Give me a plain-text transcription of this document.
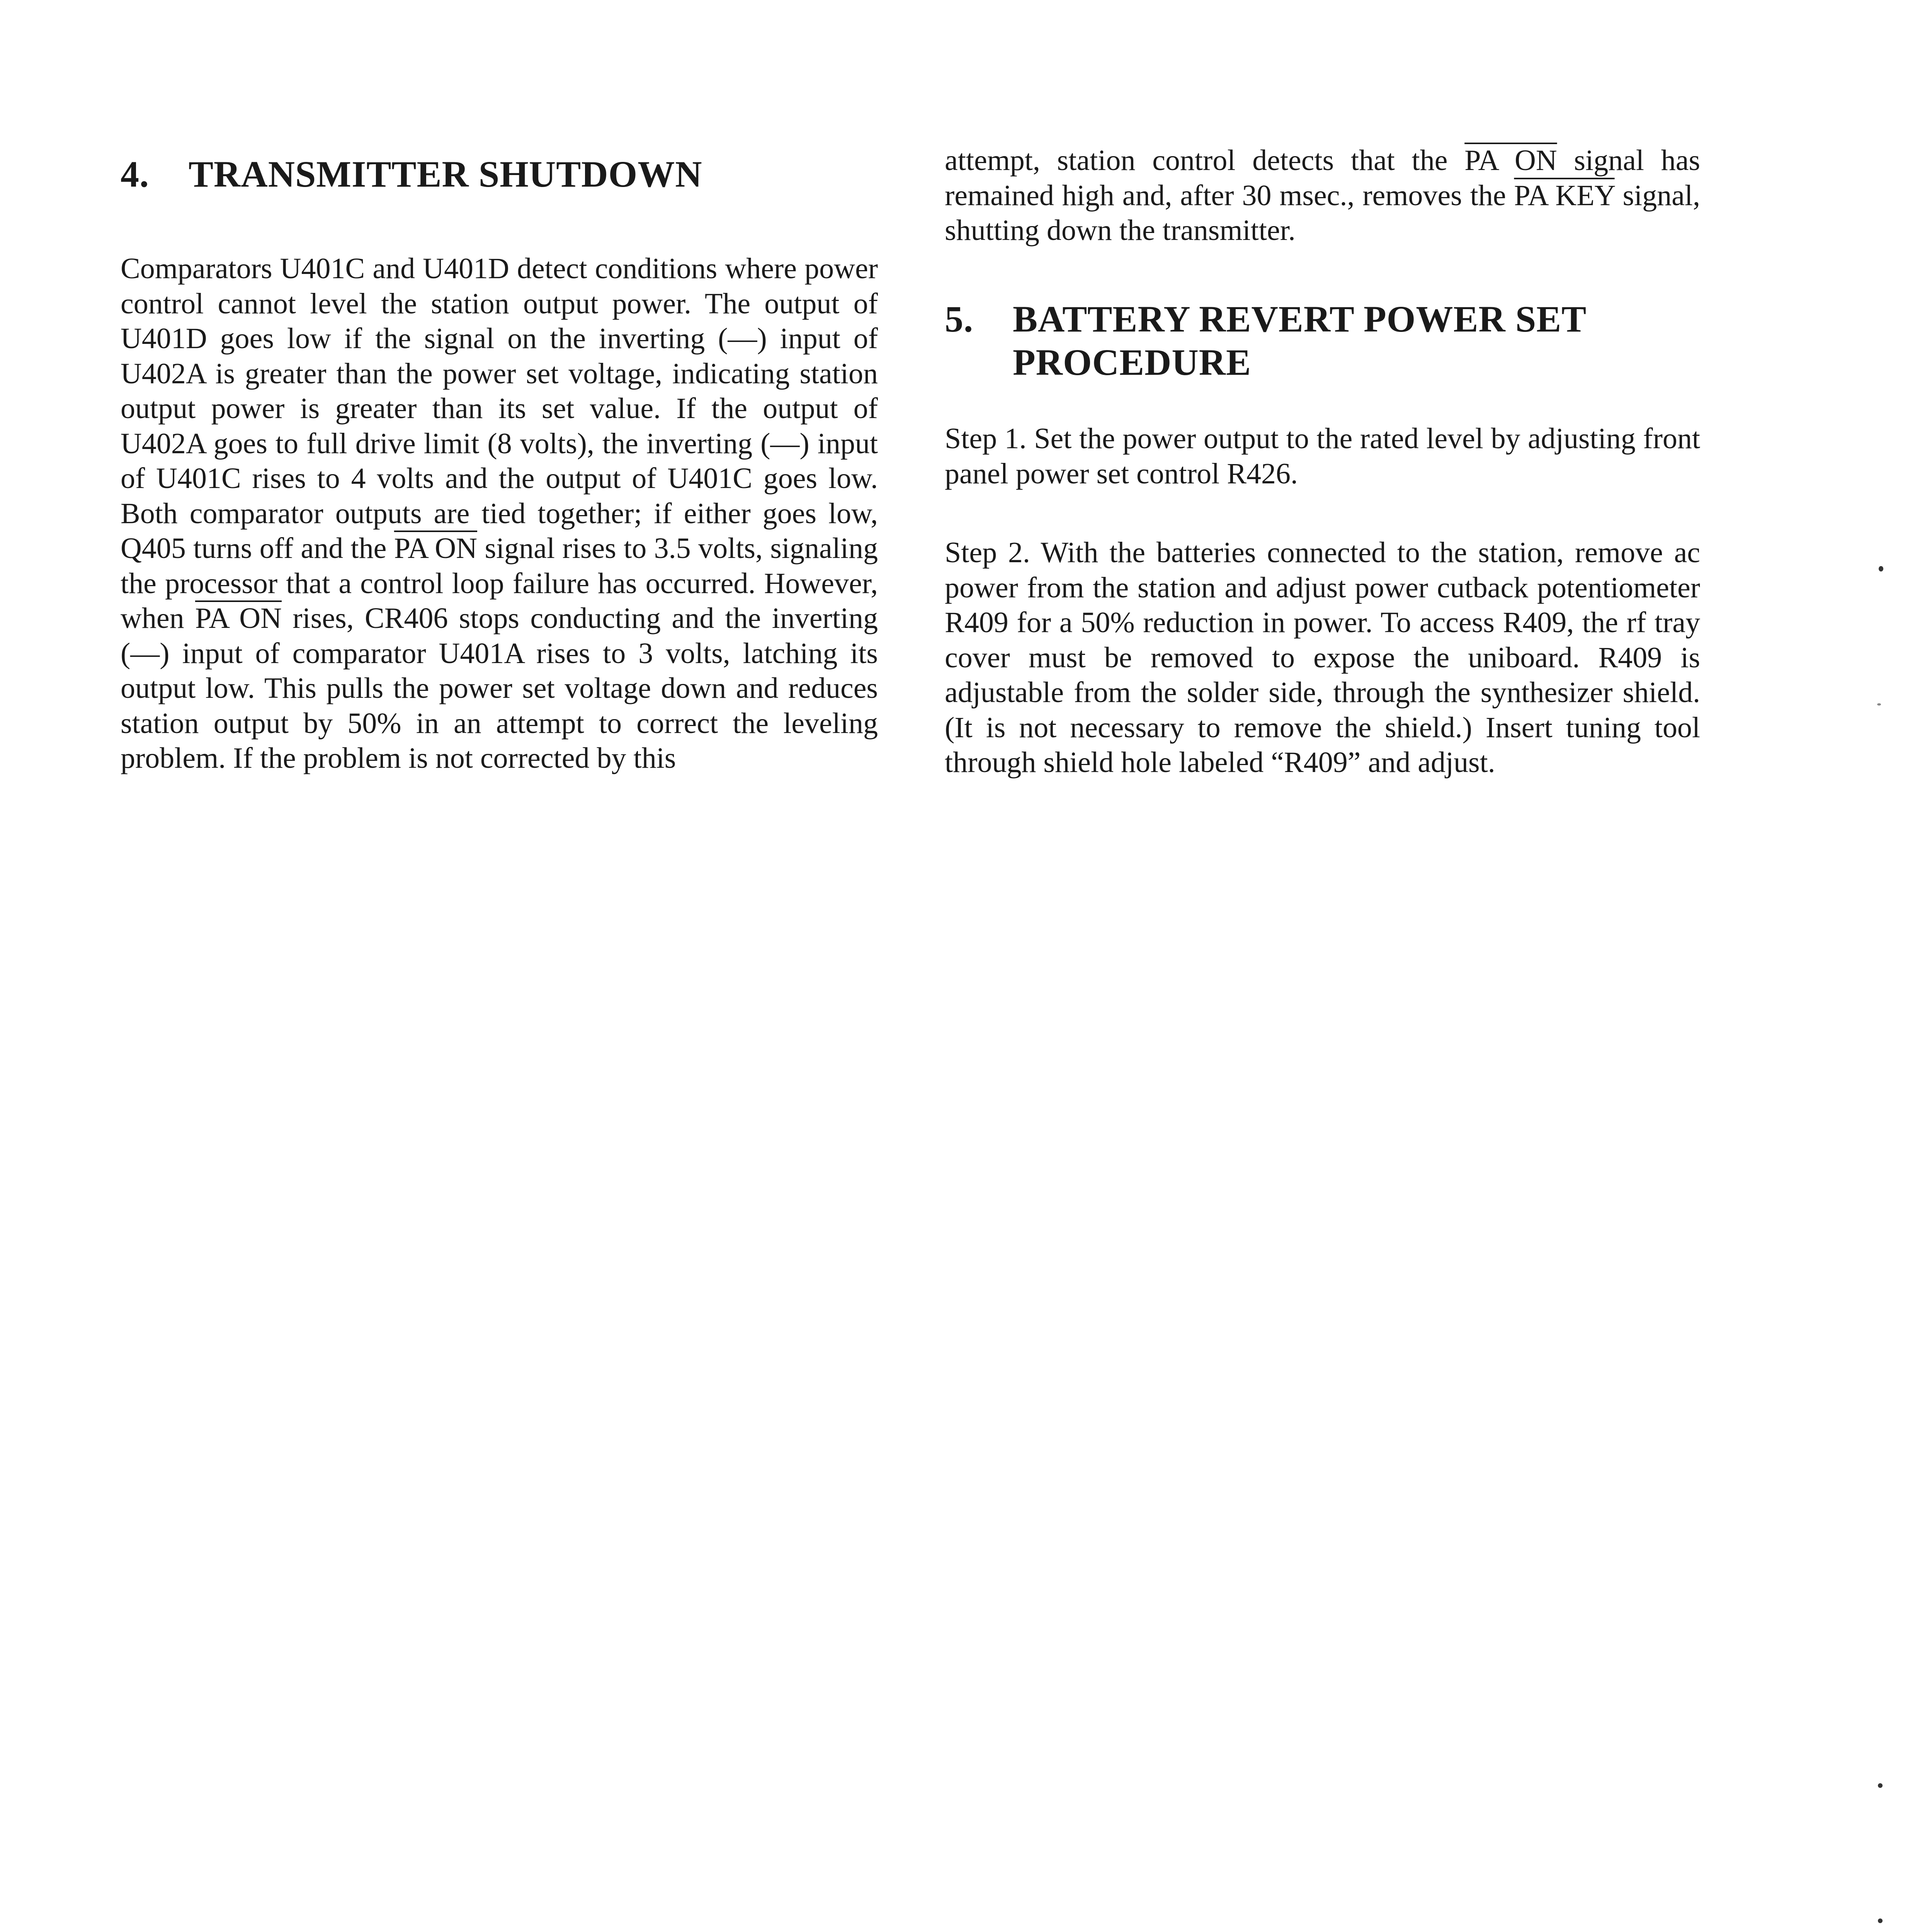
4. TRANSMITTER SHUTDOWN

Comparators U401C and U401D detect conditions where power control cannot level the station output power. The output of U401D goes low if the signal on the inverting (—) input of U402A is greater than the power set voltage, indicating station output power is greater than its set value. If the output of U402A goes to full drive limit (8 volts), the inverting (—) input of U401C rises to 4 volts and the output of U401C goes low. Both comparator outputs are tied together; if either goes low, Q405 turns off and the PA ON signal rises to 3.5 volts, signaling the processor that a control loop failure has occurred. However, when PA ON rises, CR406 stops conducting and the inverting (—) input of comparator U401A rises to 3 volts, latching its output low. This pulls the power set voltage down and reduces station output by 50% in an attempt to correct the leveling problem. If the problem is not corrected by this

attempt, station control detects that the PA ON signal has remained high and, after 30 msec., removes the PA KEY signal, shutting down the transmitter.

5. BATTERY REVERT POWER SET
PROCEDURE

Step 1. Set the power output to the rated level by adjusting front panel power set control R426.

Step 2. With the batteries connected to the station, remove ac power from the station and adjust power cutback potentiometer R409 for a 50% reduction in power. To access R409, the rf tray cover must be removed to expose the uniboard. R409 is adjustable from the solder side, through the synthesizer shield. (It is not necessary to remove the shield.) Insert tuning tool through shield hole labeled “R409” and adjust.
